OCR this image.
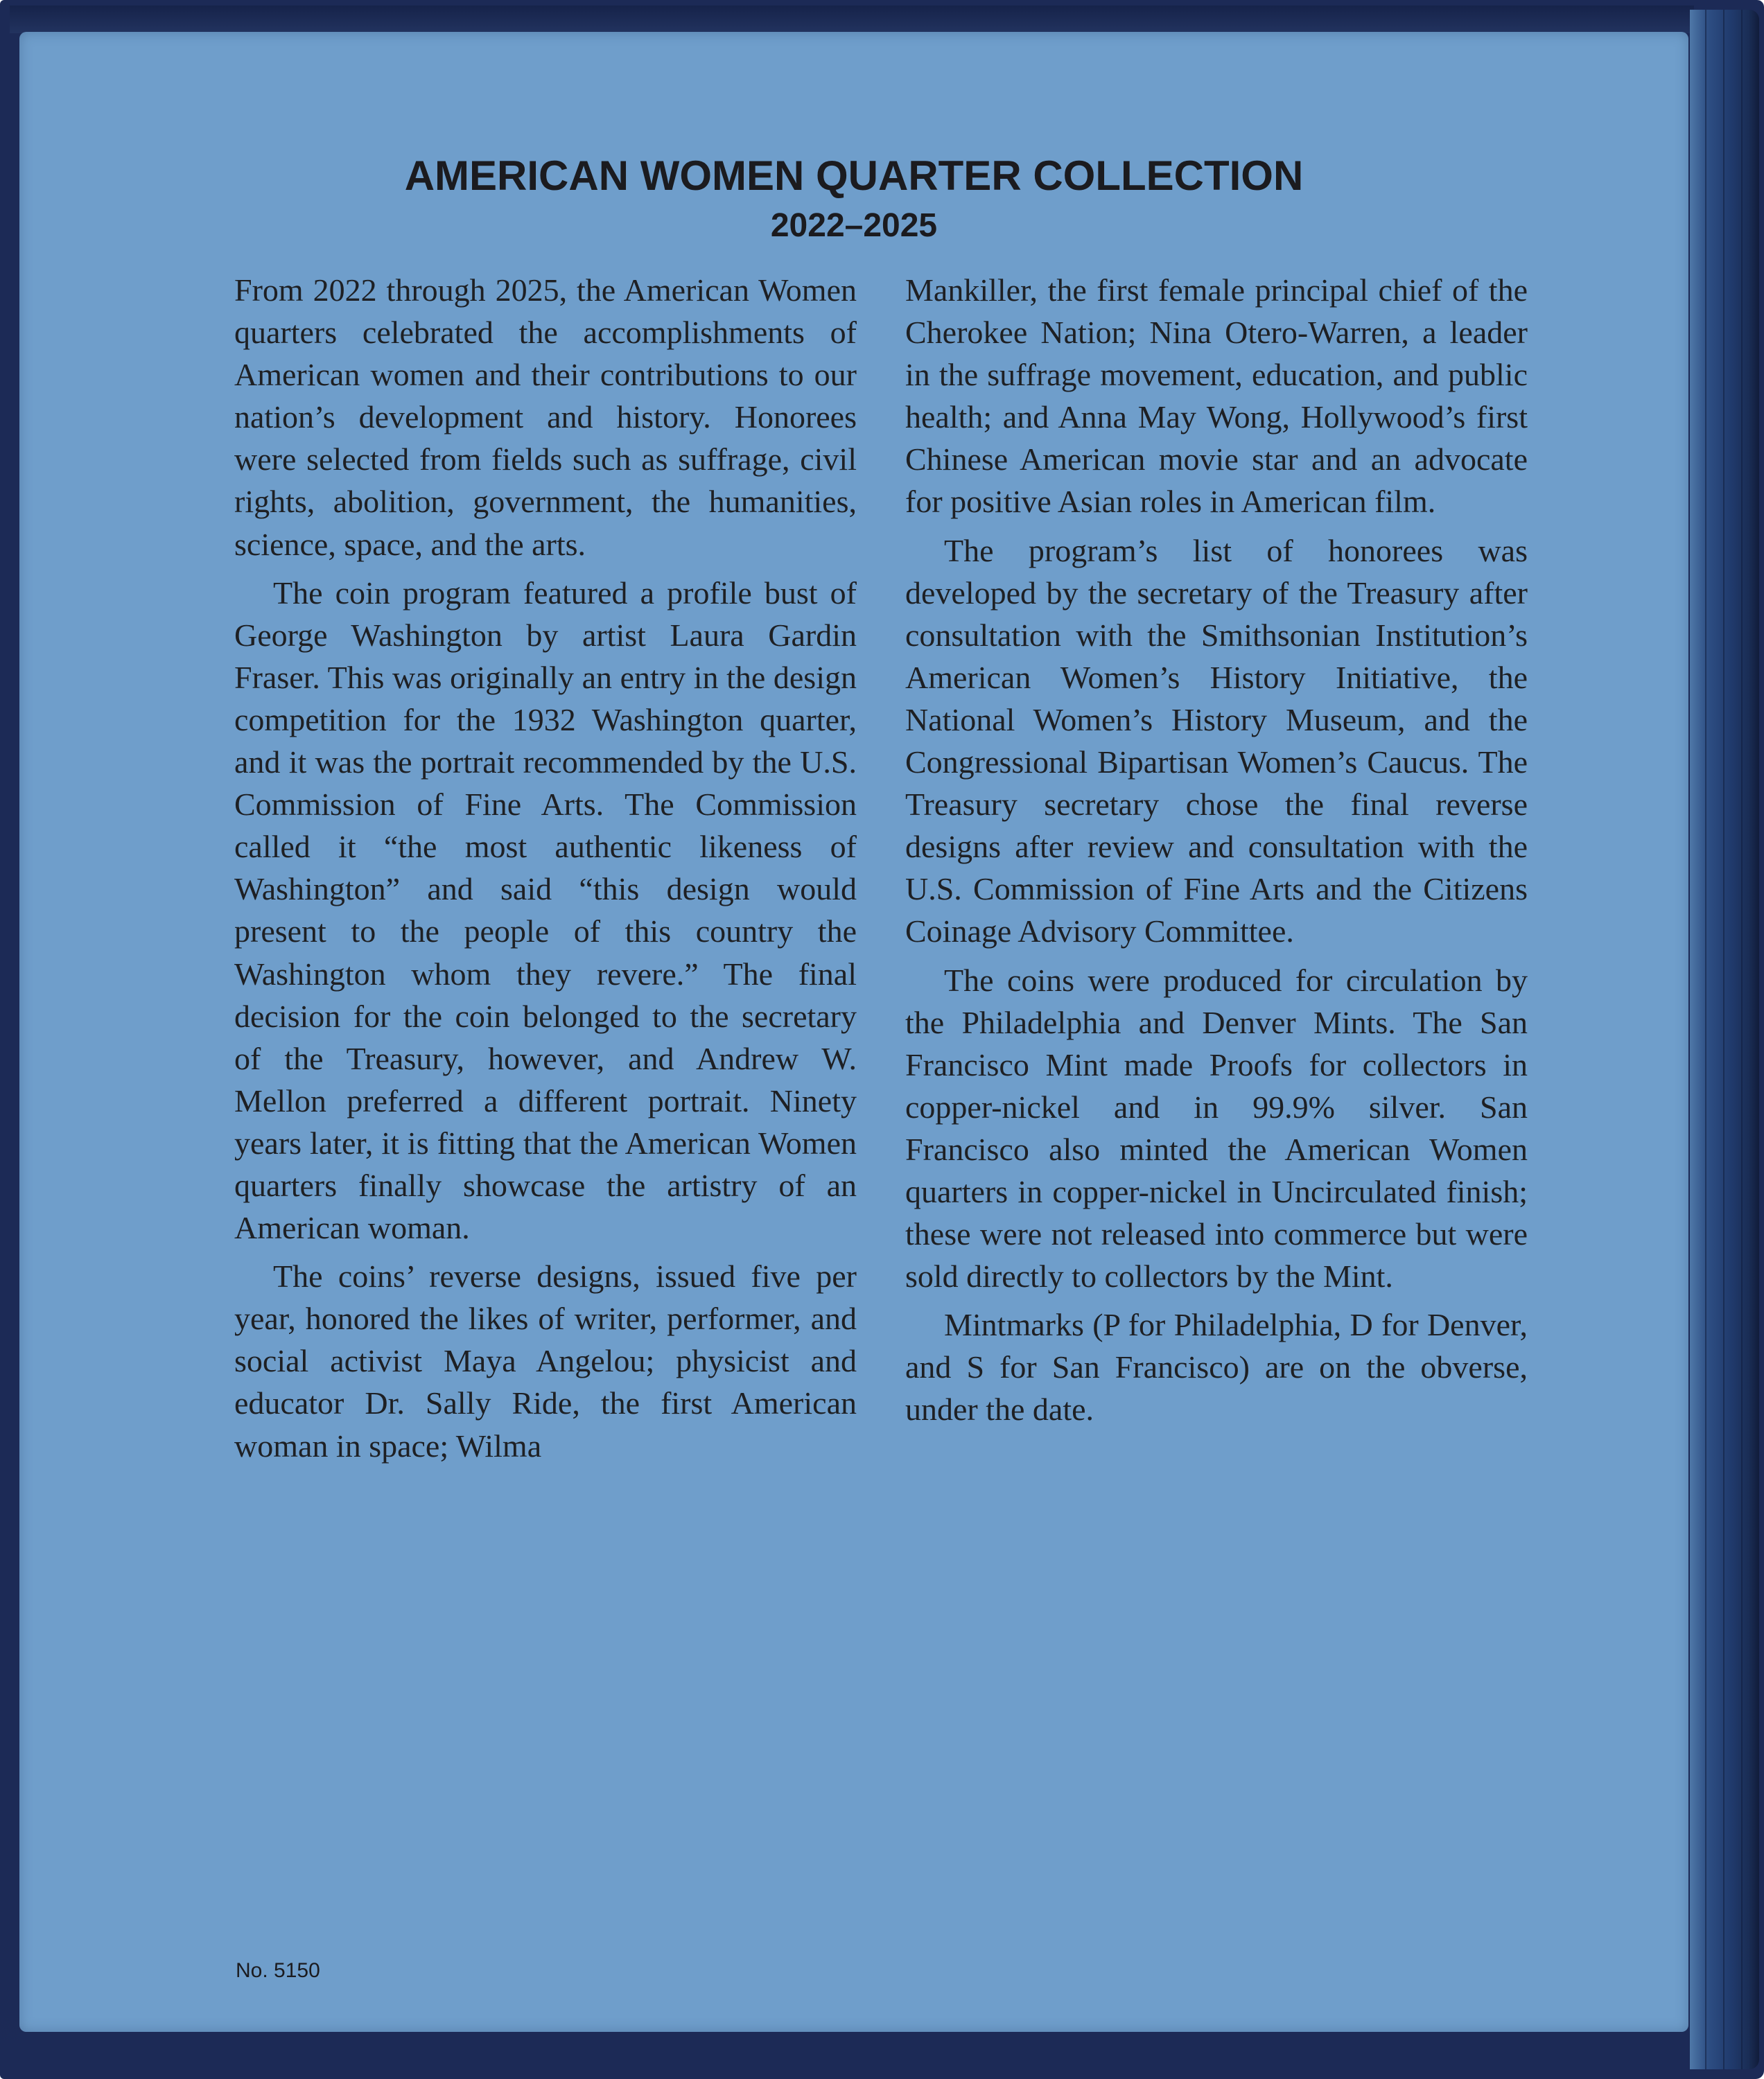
AMERICAN WOMEN QUARTER COLLECTION
2022–2025

From 2022 through 2025, the American Women quarters celebrated the accomplishments of American women and their contributions to our nation’s development and history. Honorees were selected from fields such as suffrage, civil rights, abolition, government, the humanities, science, space, and the arts.

The coin program featured a profile bust of George Washington by artist Laura Gardin Fraser. This was originally an entry in the design competition for the 1932 Washington quarter, and it was the portrait recommended by the U.S. Commission of Fine Arts. The Commission called it “the most authentic likeness of Washington” and said “this design would present to the people of this country the Washington whom they revere.” The final decision for the coin belonged to the secretary of the Treasury, however, and Andrew W. Mellon preferred a different portrait. Ninety years later, it is fitting that the American Women quarters finally showcase the artistry of an American woman.

The coins’ reverse designs, issued five per year, honored the likes of writer, performer, and social activist Maya Angelou; physicist and educator Dr. Sally Ride, the first American woman in space; Wilma

Mankiller, the first female principal chief of the Cherokee Nation; Nina Otero-Warren, a leader in the suffrage movement, education, and public health; and Anna May Wong, Hollywood’s first Chinese American movie star and an advocate for positive Asian roles in American film.

The program’s list of honorees was developed by the secretary of the Treasury after consultation with the Smithsonian Institution’s American Women’s History Initiative, the National Women’s History Museum, and the Congressional Bipartisan Women’s Caucus. The Treasury secretary chose the final reverse designs after review and consultation with the U.S. Commission of Fine Arts and the Citizens Coinage Advisory Committee.

The coins were produced for circulation by the Philadelphia and Denver Mints. The San Francisco Mint made Proofs for collectors in copper-nickel and in 99.9% silver. San Francisco also minted the American Women quarters in copper-nickel in Uncirculated finish; these were not released into commerce but were sold directly to collectors by the Mint.

Mintmarks (P for Philadelphia, D for Denver, and S for San Francisco) are on the obverse, under the date.

No. 5150
